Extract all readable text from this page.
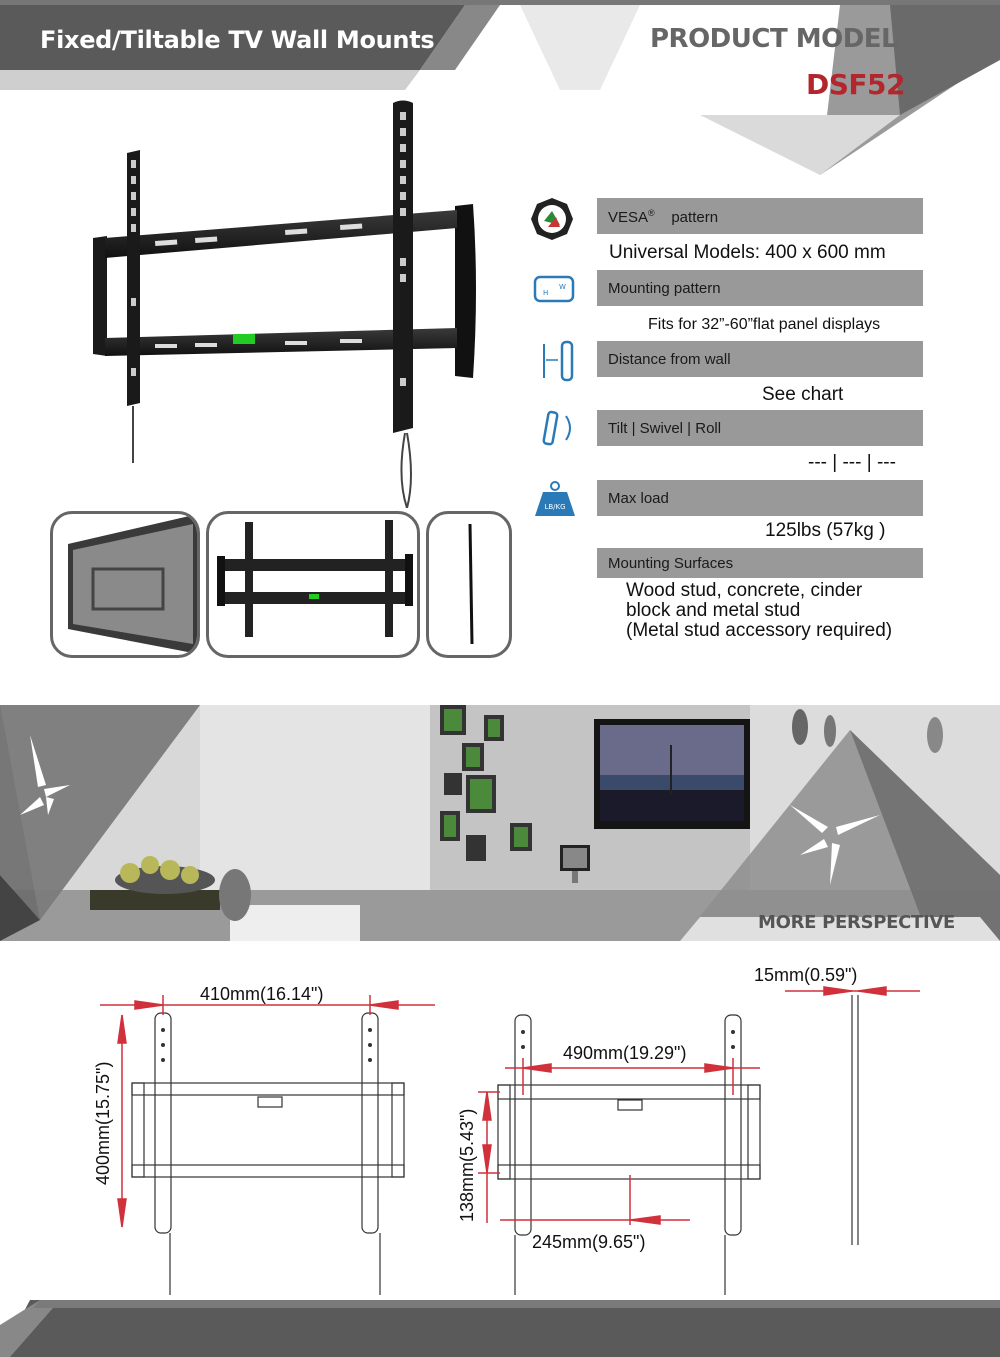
Fixed/Tiltable TV Wall Mounts	PRODUCT MODEL
DSF52
VESA® pattern
Universal Models: 400 x 600 mm
H
W	Mounting pattern
Fits for 32”-60”flat panel displays
Distance from wall
See chart
Tilt | Swivel | Roll
--- | --- | ---
LB/KG	Max load
125lbs (57kg )
Mounting Surfaces
Wood stud, concrete, cinder
block and metal stud
(Metal stud accessory required)
MORE PERSPECTIVE
410mm(16.14")
400mm(15.75")
490mm(19.29")
138mm(5.43")
245mm(9.65")
15mm(0.59")
